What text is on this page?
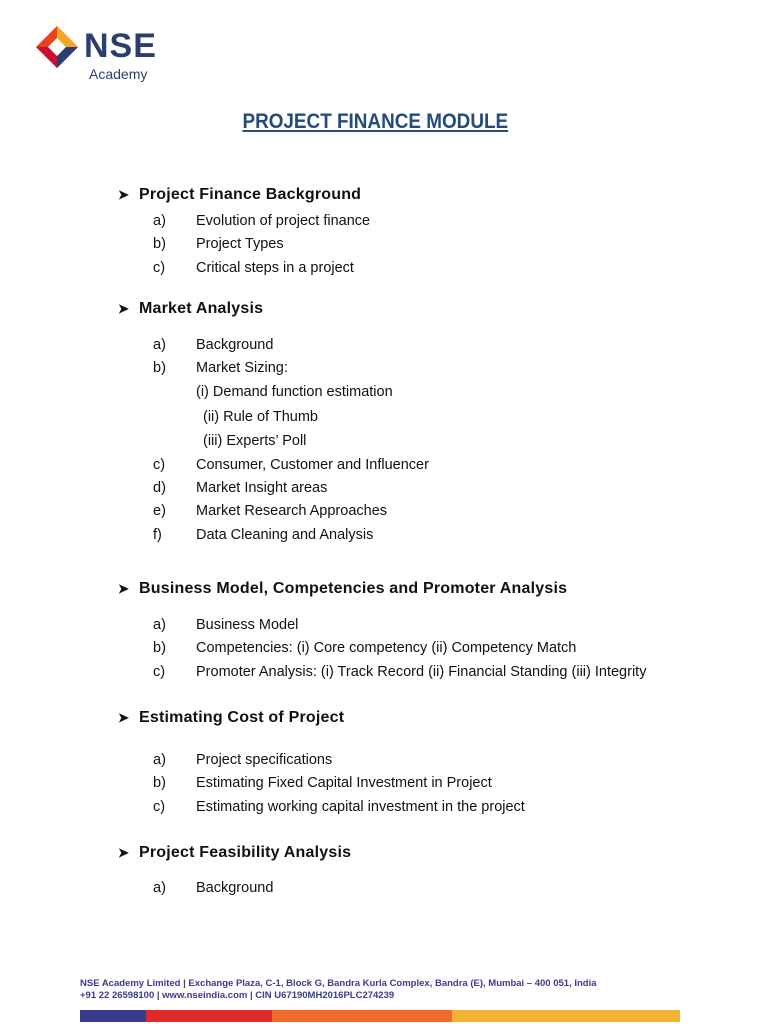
NSE
Academy
PROJECT FINANCE MODULE
➤ Project Finance Background
a) Evolution of project finance
b) Project Types
c) Critical steps in a project
➤ Market Analysis
a) Background
b) Market Sizing:
(i) Demand function estimation
(ii) Rule of Thumb
(iii) Experts’ Poll
c) Consumer, Customer and Influencer
d) Market Insight areas
e) Market Research Approaches
f) Data Cleaning and Analysis
➤ Business Model, Competencies and Promoter Analysis
a) Business Model
b) Competencies: (i) Core competency (ii) Competency Match
c) Promoter Analysis: (i) Track Record (ii) Financial Standing (iii) Integrity
➤ Estimating Cost of Project
a) Project specifications
b) Estimating Fixed Capital Investment in Project
c) Estimating working capital investment in the project
➤ Project Feasibility Analysis
a) Background
NSE Academy Limited | Exchange Plaza, C-1, Block G, Bandra Kurla Complex, Bandra (E), Mumbai – 400 051, India
+91 22 26598100 | www.nseindia.com | CIN U67190MH2016PLC274239
